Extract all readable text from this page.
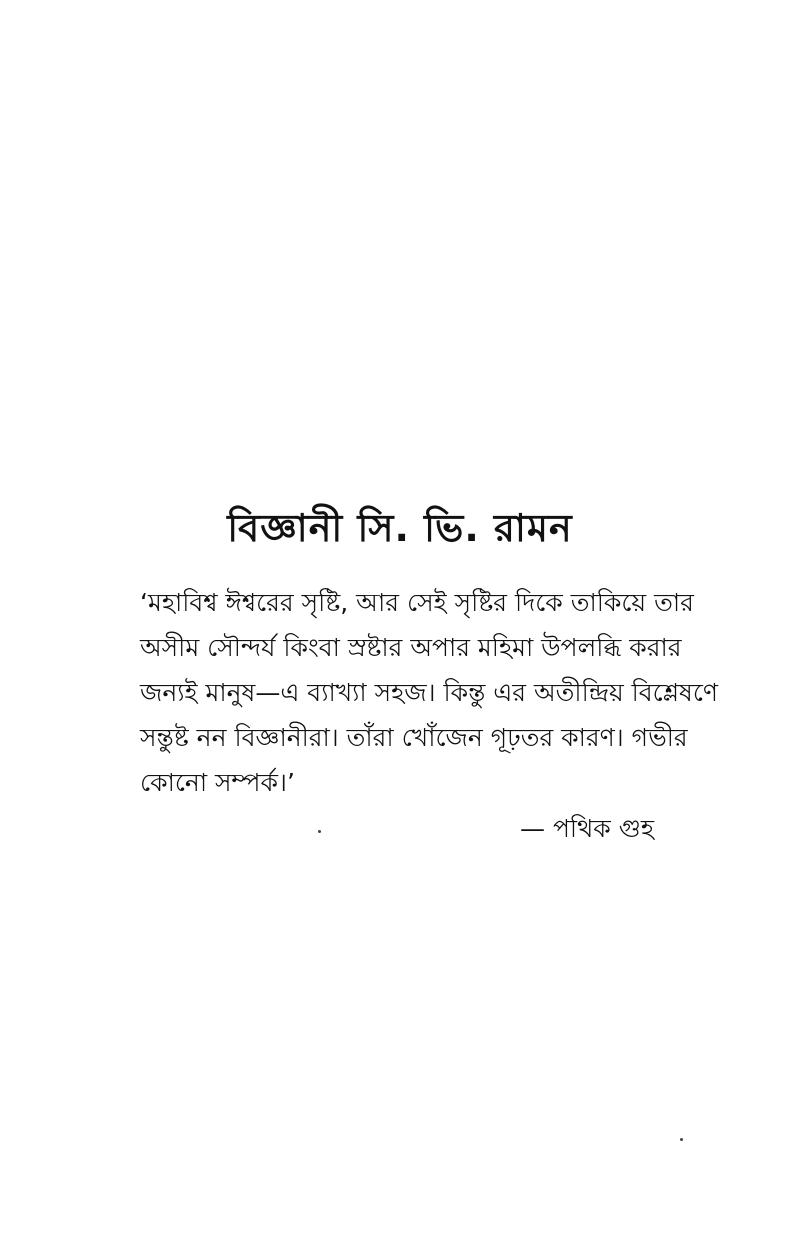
বিজ্ঞানী সি. ভি. রামন
‘মহাবিশ্ব ঈশ্বরের সৃষ্টি, আর সেই সৃষ্টির দিকে তাকিয়ে তার
অসীম সৌন্দর্য কিংবা স্রষ্টার অপার মহিমা উপলব্ধি করার
জন্যই মানুষ—এ ব্যাখ্যা সহজ। কিন্তু এর অতীন্দ্রিয় বিশ্লেষণে
সন্তুষ্ট নন বিজ্ঞানীরা। তাঁরা খোঁজেন গূঢ়তর কারণ। গভীর
কোনো সম্পর্ক।’
— পথিক গুহ
